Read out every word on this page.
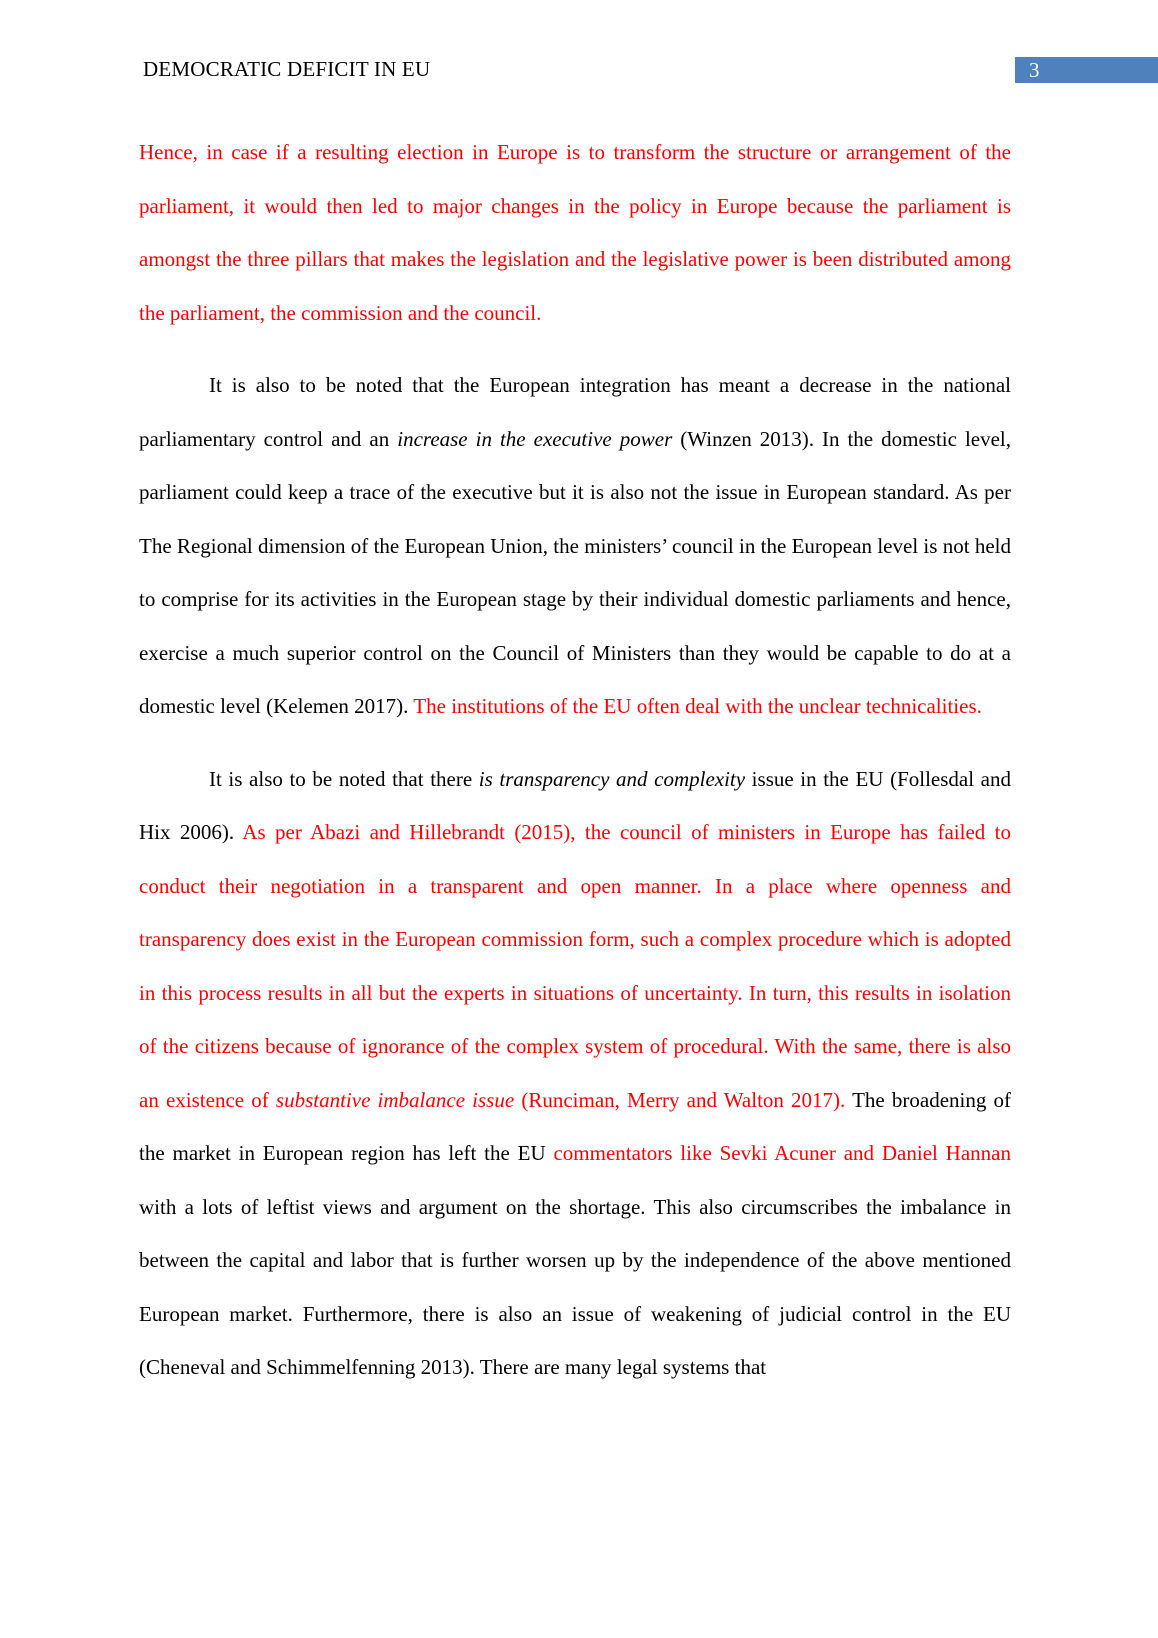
DEMOCRATIC DEFICIT IN EU	3

Hence, in case if a resulting election in Europe is to transform the structure or arrangement of the parliament, it would then led to major changes in the policy in Europe because the parliament is amongst the three pillars that makes the legislation and the legislative power is been distributed among the parliament, the commission and the council.

It is also to be noted that the European integration has meant a decrease in the national parliamentary control and an increase in the executive power (Winzen 2013). In the domestic level, parliament could keep a trace of the executive but it is also not the issue in European standard. As per The Regional dimension of the European Union, the ministers’ council in the European level is not held to comprise for its activities in the European stage by their individual domestic parliaments and hence, exercise a much superior control on the Council of Ministers than they would be capable to do at a domestic level (Kelemen 2017). The institutions of the EU often deal with the unclear technicalities.

It is also to be noted that there is transparency and complexity issue in the EU (Follesdal and Hix 2006). As per Abazi and Hillebrandt (2015), the council of ministers in Europe has failed to conduct their negotiation in a transparent and open manner. In a place where openness and transparency does exist in the European commission form, such a complex procedure which is adopted in this process results in all but the experts in situations of uncertainty. In turn, this results in isolation of the citizens because of ignorance of the complex system of procedural. With the same, there is also an existence of substantive imbalance issue (Runciman, Merry and Walton 2017). The broadening of the market in European region has left the EU commentators like Sevki Acuner and Daniel Hannan with a lots of leftist views and argument on the shortage. This also circumscribes the imbalance in between the capital and labor that is further worsen up by the independence of the above mentioned European market. Furthermore, there is also an issue of weakening of judicial control in the EU (Cheneval and Schimmelfenning 2013). There are many legal systems that
